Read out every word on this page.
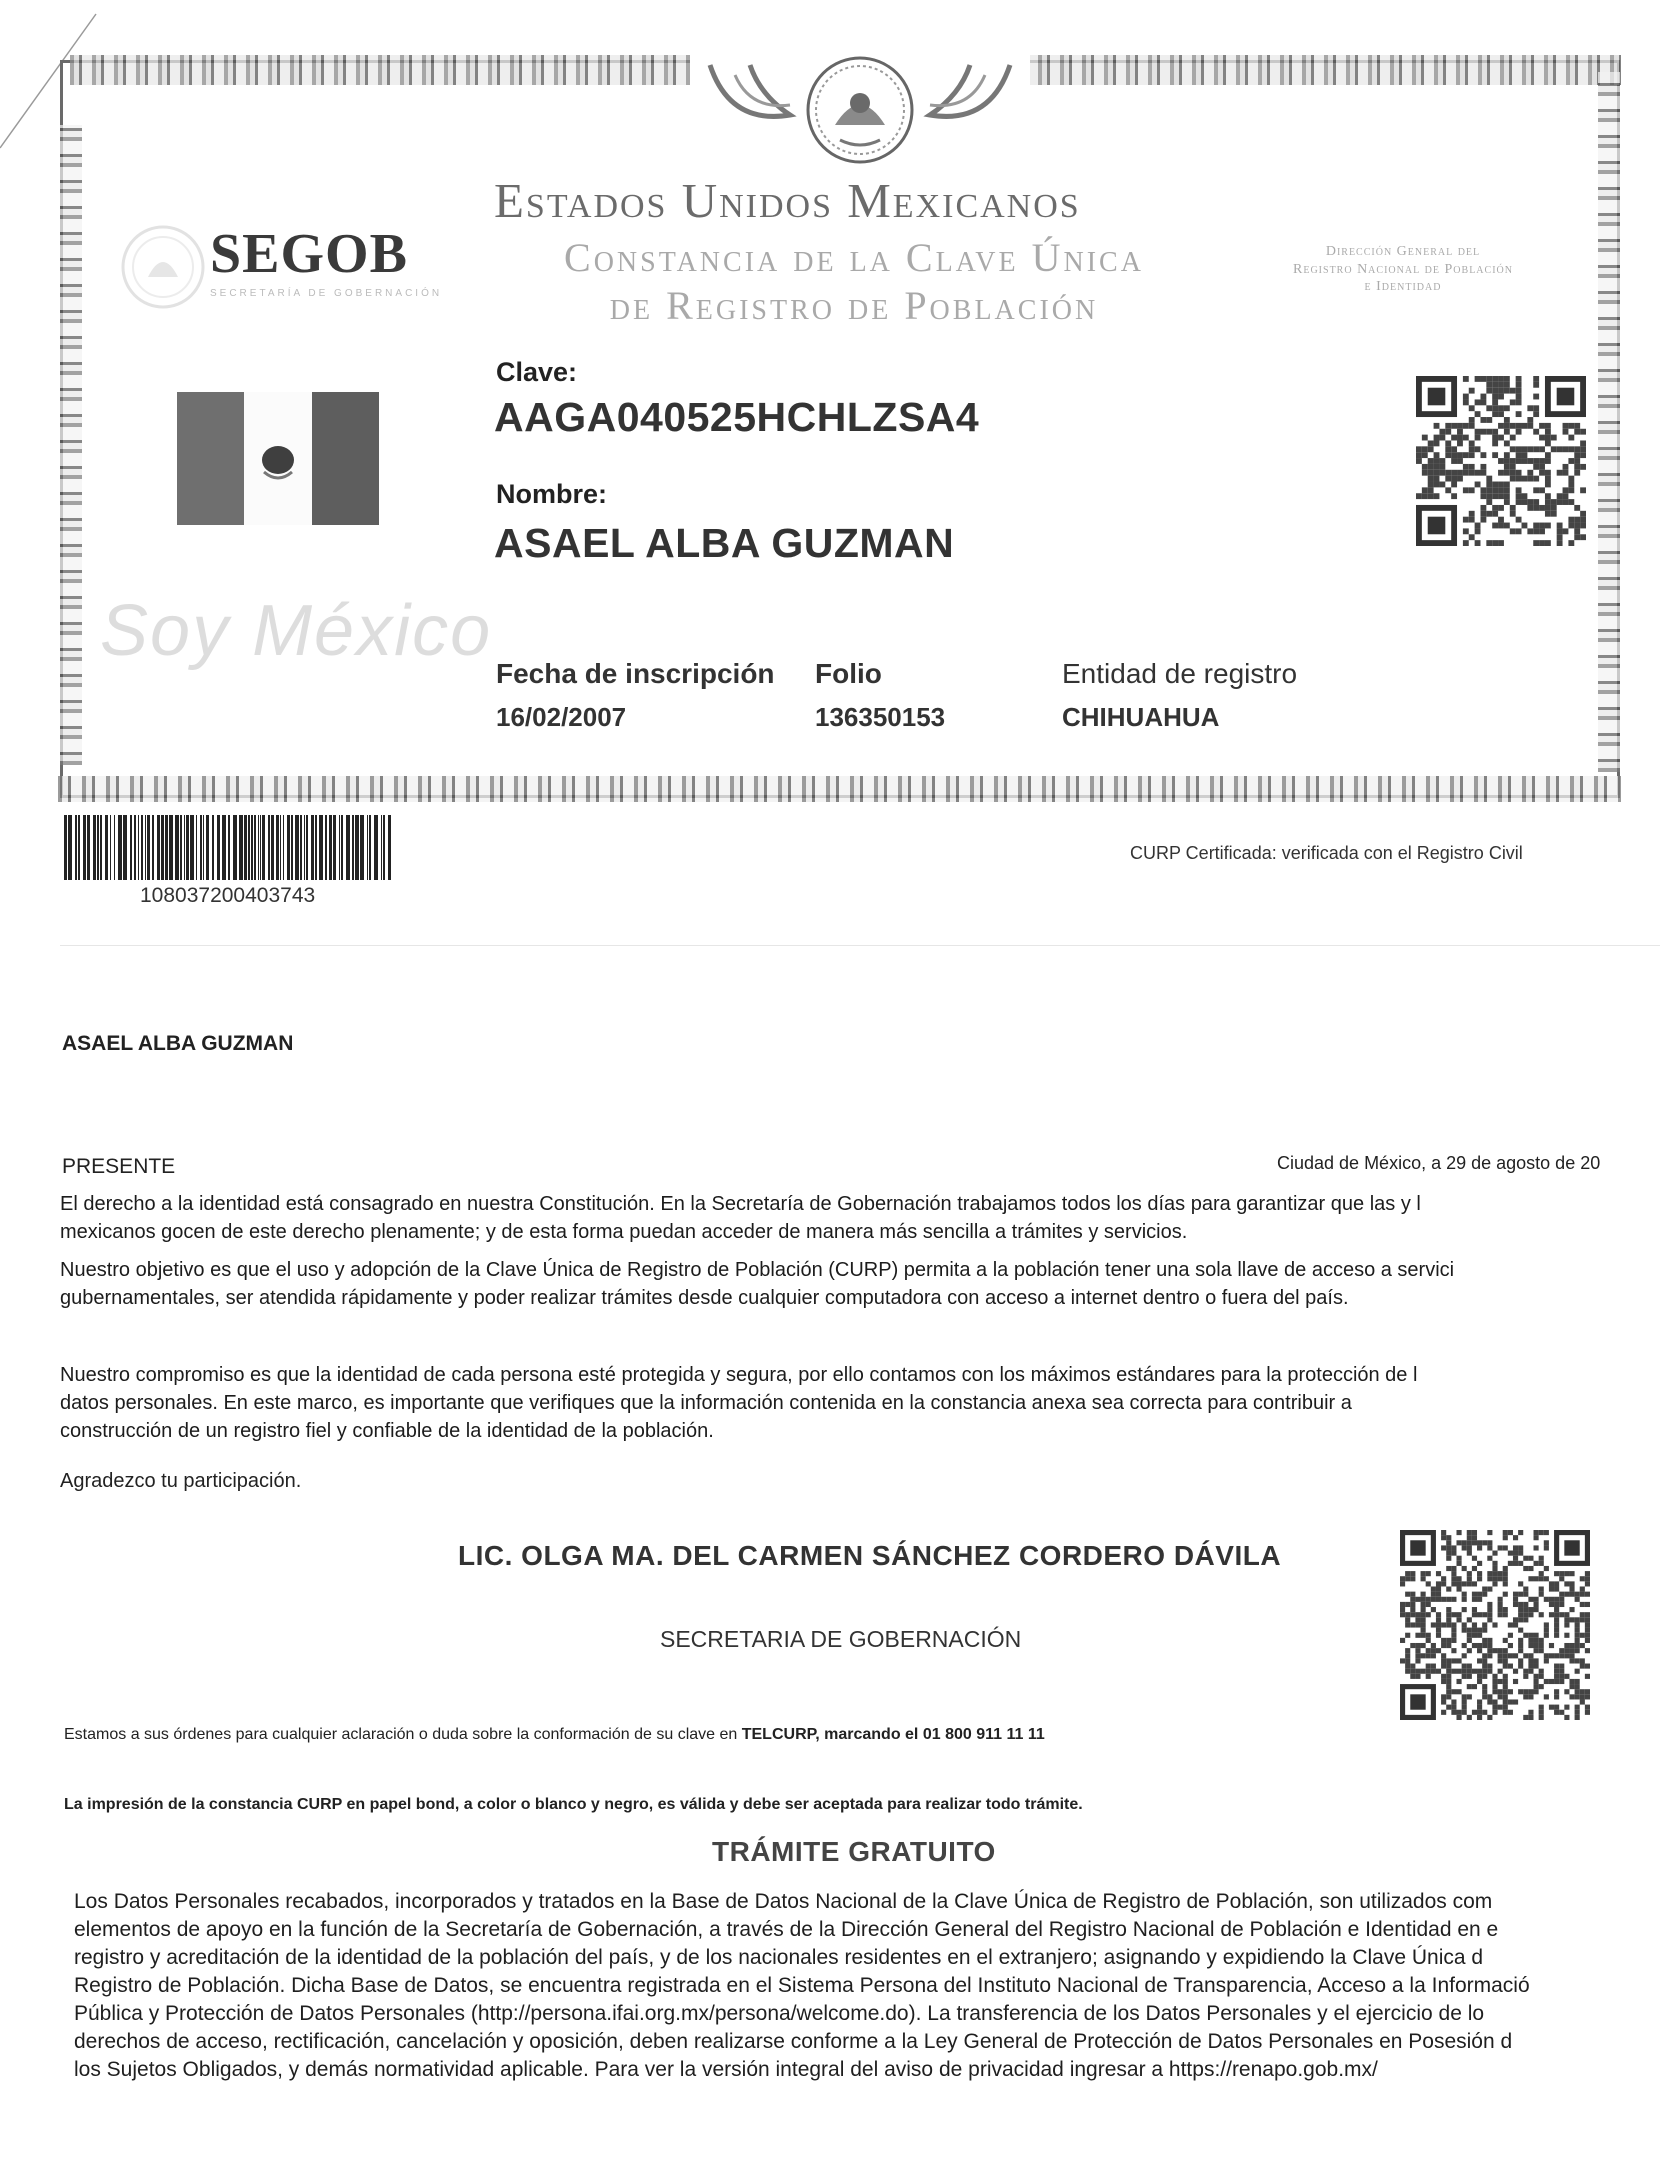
SEGOB
SECRETARÍA DE GOBERNACIÓN
Estados Unidos Mexicanos
Constancia de la Clave Única
de Registro de Población
Dirección General del
Registro Nacional de Población
e Identidad
Soy México
Clave:
AAGA040525HCHLZSA4
Nombre:
ASAEL ALBA GUZMAN
Fecha de inscripción
16/02/2007
Folio
136350153
Entidad de registro
CHIHUAHUA
108037200403743
CURP Certificada: verificada con el Registro Civil
ASAEL ALBA GUZMAN
PRESENTE	Ciudad de México, a 29 de agosto de 20
El derecho a la identidad está consagrado en nuestra Constitución. En la Secretaría de Gobernación trabajamos todos los días para garantizar que las y l
mexicanos gocen de este derecho plenamente; y de esta forma puedan acceder de manera más sencilla a trámites y servicios.
Nuestro objetivo es que el uso y adopción de la Clave Única de Registro de Población (CURP) permita a la población tener una sola llave de acceso a servici
gubernamentales, ser atendida rápidamente y poder realizar trámites desde cualquier computadora con acceso a internet dentro o fuera del país.
Nuestro compromiso es que la identidad de cada persona esté protegida y segura, por ello contamos con los máximos estándares para la protección de l
datos personales. En este marco, es importante que verifiques que la información contenida en la constancia anexa sea correcta para contribuir a
construcción de un registro fiel y confiable de la identidad de la población.
Agradezco tu participación.
LIC. OLGA MA. DEL CARMEN SÁNCHEZ CORDERO DÁVILA
SECRETARIA DE GOBERNACIÓN
Estamos a sus órdenes para cualquier aclaración o duda sobre la conformación de su clave en TELCURP, marcando el 01 800 911 11 11
La impresión de la constancia CURP en papel bond, a color o blanco y negro, es válida y debe ser aceptada para realizar todo trámite.
TRÁMITE GRATUITO
Los Datos Personales recabados, incorporados y tratados en la Base de Datos Nacional de la Clave Única de Registro de Población, son utilizados com
elementos de apoyo en la función de la Secretaría de Gobernación, a través de la Dirección General del Registro Nacional de Población e Identidad en e
registro y acreditación de la identidad de la población del país, y de los nacionales residentes en el extranjero; asignando y expidiendo la Clave Única d
Registro de Población. Dicha Base de Datos, se encuentra registrada en el Sistema Persona del Instituto Nacional de Transparencia, Acceso a la Informació
Pública y Protección de Datos Personales (http://persona.ifai.org.mx/persona/welcome.do). La transferencia de los Datos Personales y el ejercicio de lo
derechos de acceso, rectificación, cancelación y oposición, deben realizarse conforme a la Ley General de Protección de Datos Personales en Posesión d
los Sujetos Obligados, y demás normatividad aplicable. Para ver la versión integral del aviso de privacidad ingresar a https://renapo.gob.mx/
